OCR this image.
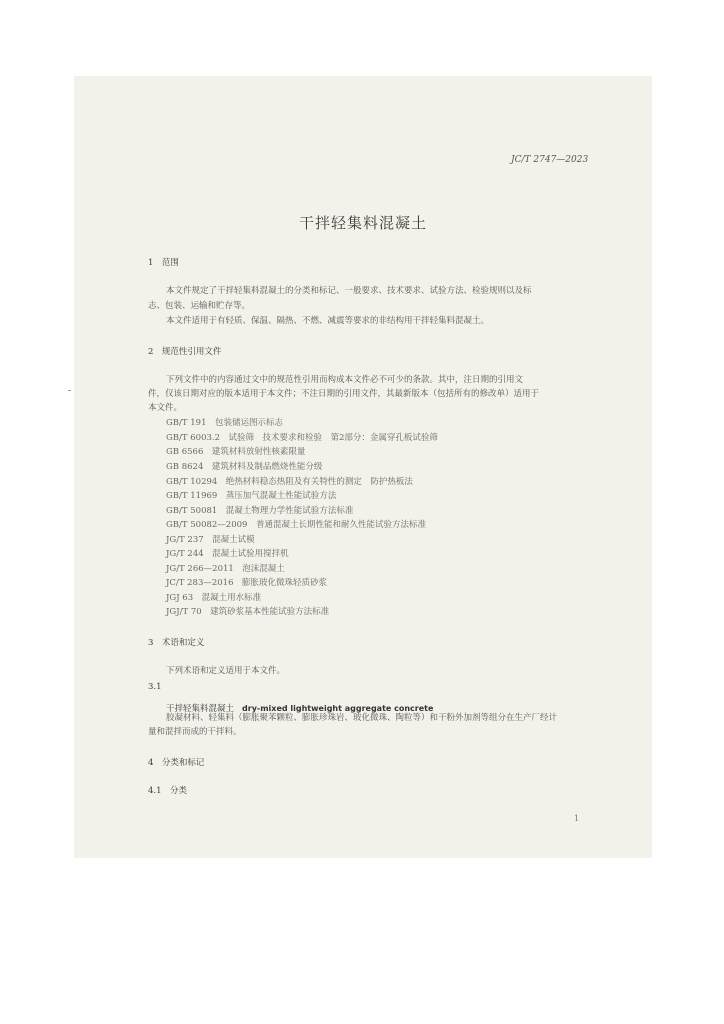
JC/T 2747—2023
干拌轻集料混凝土
1　范围
本文件规定了干拌轻集料混凝土的分类和标记、一般要求、技术要求、试验方法、检验规则以及标
志、包装、运输和贮存等。
本文件适用于有轻质、保温、隔热、不燃、减震等要求的非结构用干拌轻集料混凝土。
2　规范性引用文件
下列文件中的内容通过文中的规范性引用而构成本文件必不可少的条款。其中，注日期的引用文
件，仅该日期对应的版本适用于本文件；不注日期的引用文件，其最新版本（包括所有的修改单）适用于
本文件。
GB/T 191　包装储运图示标志
GB/T 6003.2　试验筛　技术要求和检验　第2部分：金属穿孔板试验筛
GB 6566　建筑材料放射性核素限量
GB 8624　建筑材料及制品燃烧性能分级
GB/T 10294　绝热材料稳态热阻及有关特性的测定　防护热板法
GB/T 11969　蒸压加气混凝土性能试验方法
GB/T 50081　混凝土物理力学性能试验方法标准
GB/T 50082—2009　普通混凝土长期性能和耐久性能试验方法标准
JG/T 237　混凝土试模
JG/T 244　混凝土试验用搅拌机
JG/T 266—2011　泡沫混凝土
JC/T 283—2016　膨胀玻化微珠轻质砂浆
JGJ 63　混凝土用水标准
JGJ/T 70　建筑砂浆基本性能试验方法标准
3　术语和定义
下列术语和定义适用于本文件。
3.1
干拌轻集料混凝土 dry-mixed lightweight aggregate concrete
胶凝材料、轻集料（膨胀聚苯颗粒、膨胀珍珠岩、玻化微珠、陶粒等）和干粉外加剂等组分在生产厂经计
量和混拌而成的干拌料。
4　分类和标记
4.1　分类
1
